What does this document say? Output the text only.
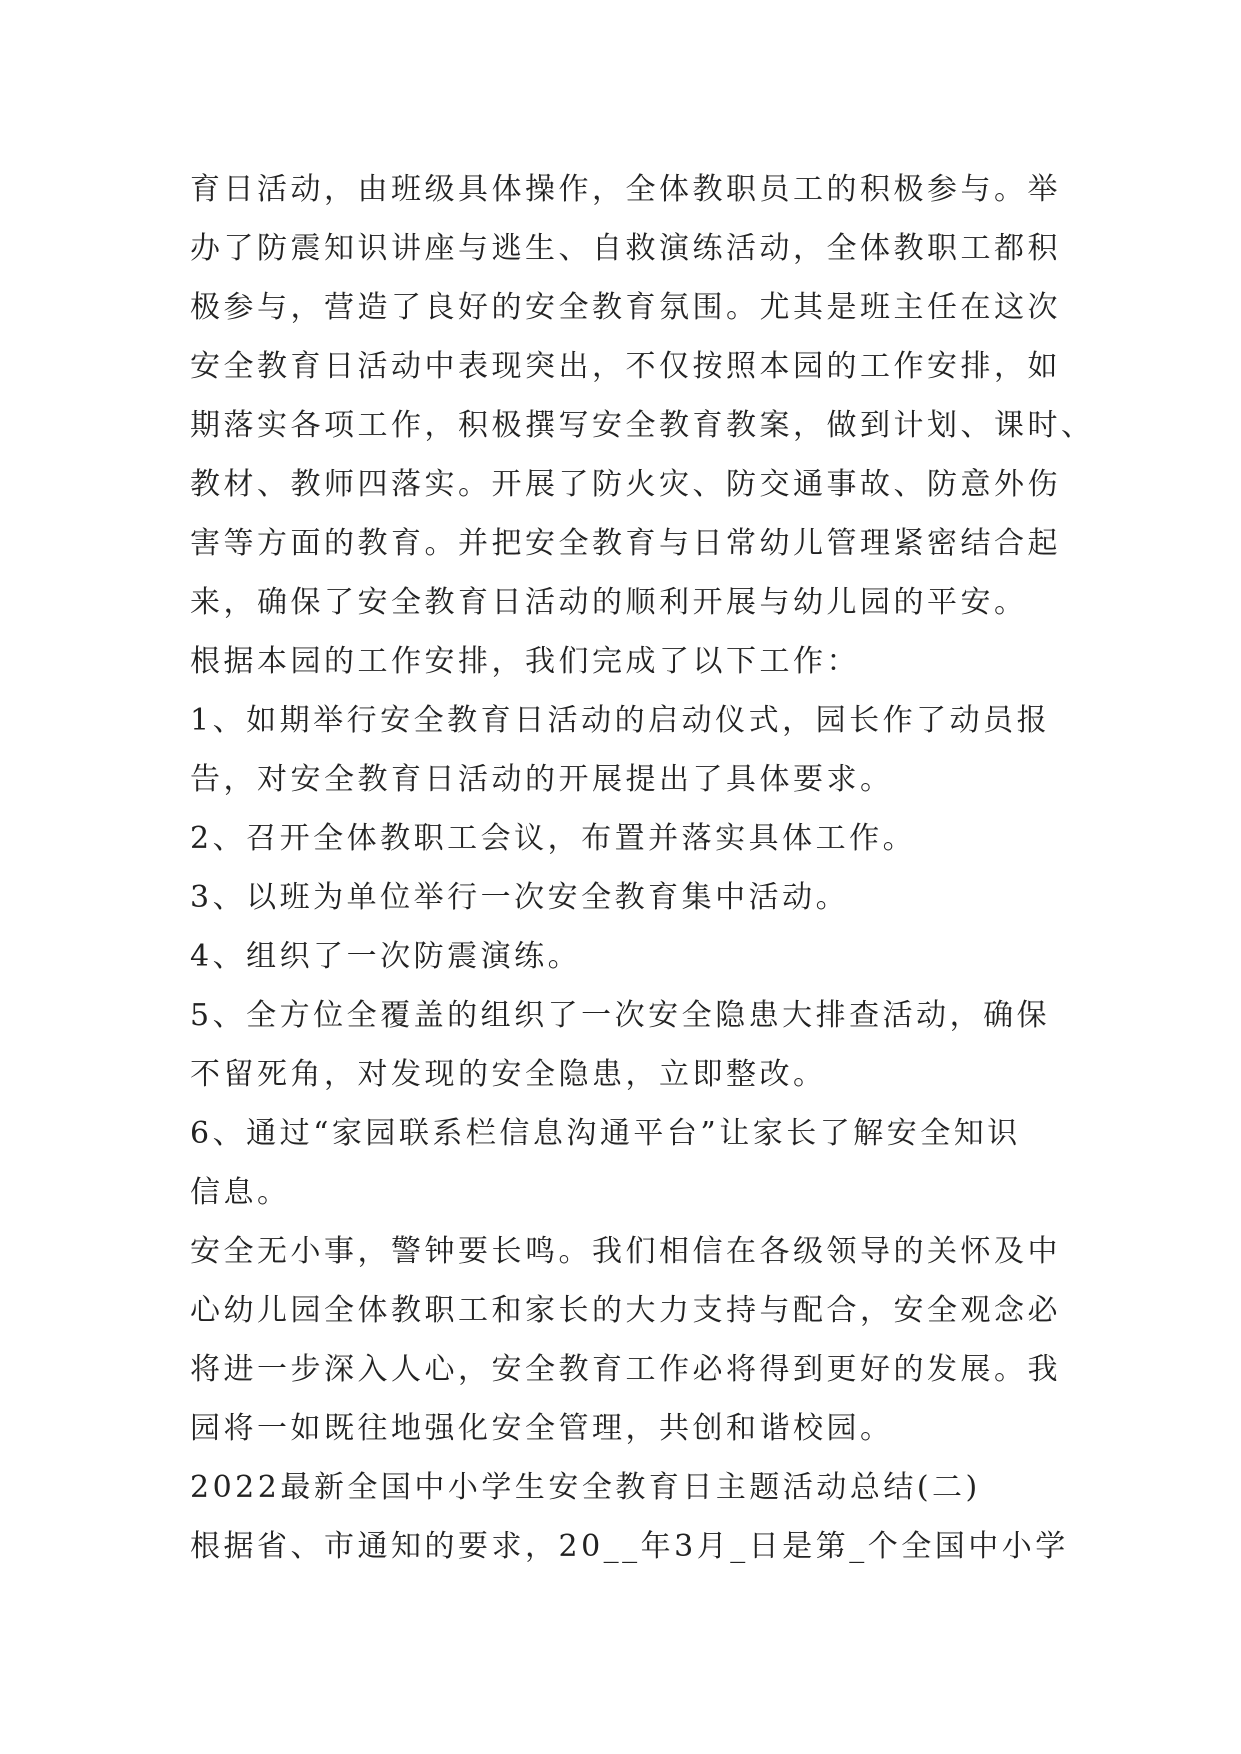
育日活动，由班级具体操作，全体教职员工的积极参与。举
办了防震知识讲座与逃生、自救演练活动，全体教职工都积
极参与，营造了良好的安全教育氛围。尤其是班主任在这次
安全教育日活动中表现突出，不仅按照本园的工作安排，如
期落实各项工作，积极撰写安全教育教案，做到计划、课时、
教材、教师四落实。开展了防火灾、防交通事故、防意外伤
害等方面的教育。并把安全教育与日常幼儿管理紧密结合起
来，确保了安全教育日活动的顺利开展与幼儿园的平安。
根据本园的工作安排，我们完成了以下工作：
1、如期举行安全教育日活动的启动仪式，园长作了动员报
告，对安全教育日活动的开展提出了具体要求。
2、召开全体教职工会议，布置并落实具体工作。
3、以班为单位举行一次安全教育集中活动。
4、组织了一次防震演练。
5、全方位全覆盖的组织了一次安全隐患大排查活动，确保
不留死角，对发现的安全隐患，立即整改。
6、通过“家园联系栏信息沟通平台”让家长了解安全知识
信息。
安全无小事，警钟要长鸣。我们相信在各级领导的关怀及中
心幼儿园全体教职工和家长的大力支持与配合，安全观念必
将进一步深入人心，安全教育工作必将得到更好的发展。我
园将一如既往地强化安全管理，共创和谐校园。
2022最新全国中小学生安全教育日主题活动总结(二)
根据省、市通知的要求，20__年3月_日是第_个全国中小学
